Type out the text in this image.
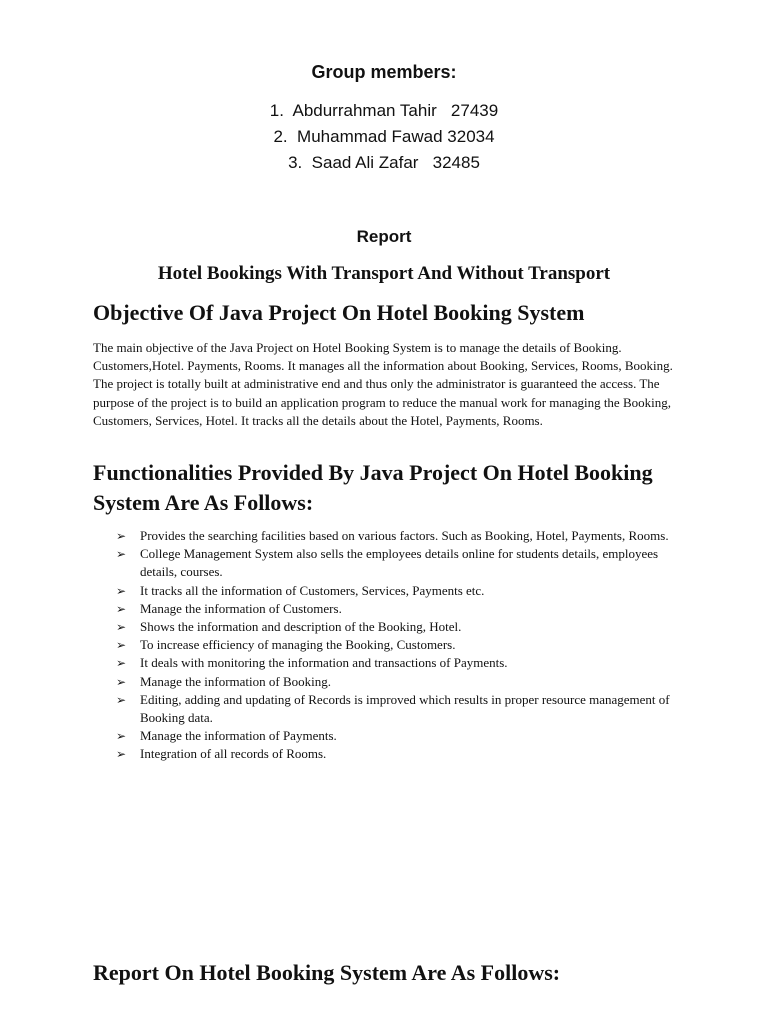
Group members:
1.  Abdurrahman Tahir   27439
2.  Muhammad Fawad 32034
3.  Saad Ali Zafar   32485
Report
Hotel Bookings With Transport And Without Transport
Objective Of Java Project On Hotel Booking System

The main objective of the Java Project on Hotel Booking System is to manage the details of Booking. Customers,Hotel. Payments, Rooms. It manages all the information about Booking, Services, Rooms, Booking. The project is totally built at administrative end and thus only the administrator is guaranteed the access. The purpose of the project is to build an application program to reduce the manual work for managing the Booking, Customers, Services, Hotel. It tracks all the details about the Hotel, Payments, Rooms.

Functionalities Provided By Java Project On Hotel Booking System Are As Follows:
➢ Provides the searching facilities based on various factors. Such as Booking, Hotel, Payments, Rooms.
➢ College Management System also sells the employees details online for students details, employees details, courses.
➢ It tracks all the information of Customers, Services, Payments etc.
➢ Manage the information of Customers.
➢ Shows the information and description of the Booking, Hotel.
➢ To increase efficiency of managing the Booking, Customers.
➢ It deals with monitoring the information and transactions of Payments.
➢ Manage the information of Booking.
➢ Editing, adding and updating of Records is improved which results in proper resource management of Booking data.
➢ Manage the information of Payments.
➢ Integration of all records of Rooms.
Report On Hotel Booking System Are As Follows:
